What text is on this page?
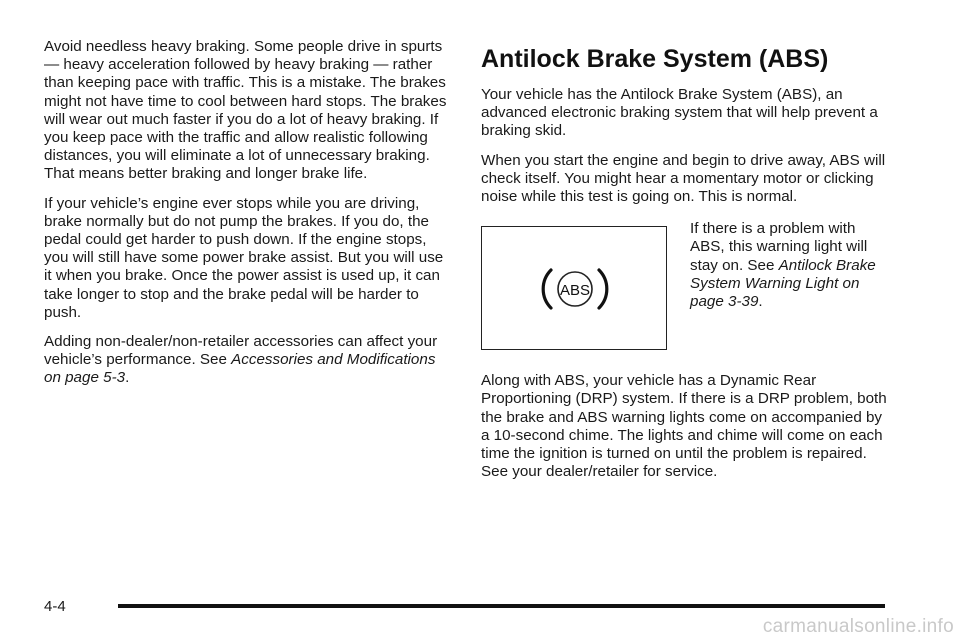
Avoid needless heavy braking. Some people drive in spurts — heavy acceleration followed by heavy braking — rather than keeping pace with traffic. This is a mistake. The brakes might not have time to cool between hard stops. The brakes will wear out much faster if you do a lot of heavy braking. If you keep pace with the traffic and allow realistic following distances, you will eliminate a lot of unnecessary braking. That means better braking and longer brake life.

If your vehicle’s engine ever stops while you are driving, brake normally but do not pump the brakes. If you do, the pedal could get harder to push down. If the engine stops, you will still have some power brake assist. But you will use it when you brake. Once the power assist is used up, it can take longer to stop and the brake pedal will be harder to push.

Adding non-dealer/non-retailer accessories can affect your vehicle’s performance. See Accessories and Modifications on page 5-3.

Antilock Brake System (ABS)

Your vehicle has the Antilock Brake System (ABS), an advanced electronic braking system that will help prevent a braking skid.

When you start the engine and begin to drive away, ABS will check itself. You might hear a momentary motor or clicking noise while this test is going on. This is normal.

ABS

If there is a problem with ABS, this warning light will stay on. See Antilock Brake System Warning Light on page 3-39.

Along with ABS, your vehicle has a Dynamic Rear Proportioning (DRP) system. If there is a DRP problem, both the brake and ABS warning lights come on accompanied by a 10-second chime. The lights and chime will come on each time the ignition is turned on until the problem is repaired. See your dealer/retailer for service.

4-4
carmanualsonline.info
